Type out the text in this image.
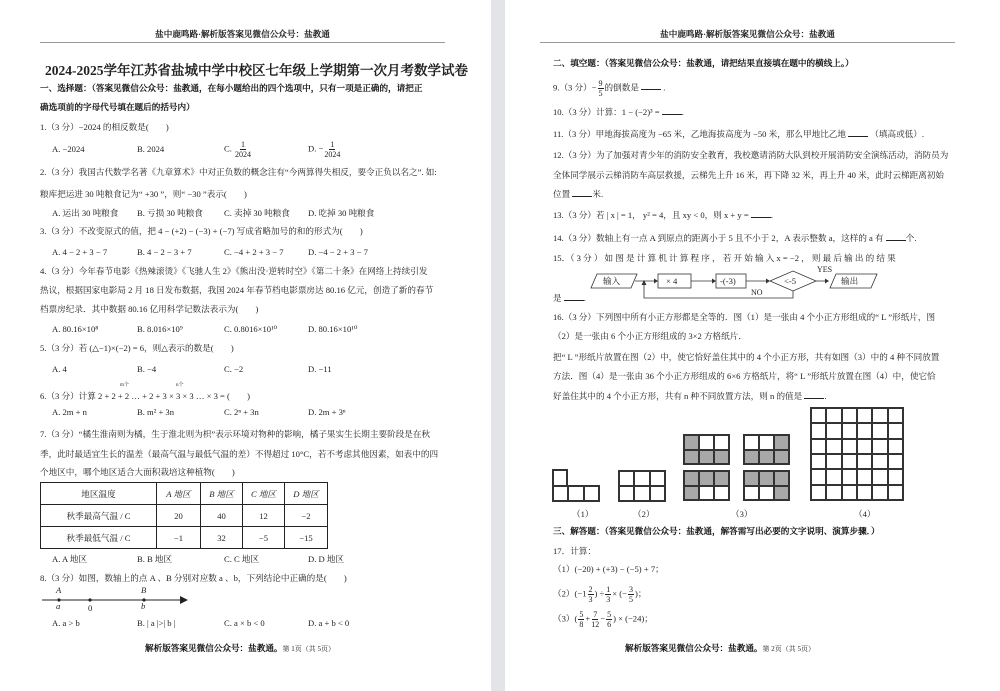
盐中鹿鸣路·解析版答案见微信公众号：盐教通
2024-2025学年江苏省盐城中学中校区七年级上学期第一次月考数学试卷
一、选择题：（答案见微信公众号：盐教通，在每小题给出的四个选项中，只有一项是正确的，请把正
确选项前的字母代号填在题后的括号内）
1.（3 分）−2024 的相反数是(　　)
A. −2024	B. 2024	C. $\frac{1}{2024}$	D. − $\frac{1}{2024}$
2.（3 分）我国古代数学名著《九章算术》中对正负数的概念注有“今两算得失相反，要令正负以名之”. 如:
粮库把运进 30 吨粮食记为“ +30 ”，则“ −30 ”表示(　　)
A. 运出 30 吨粮食 B. 亏损 30 吨粮食 C. 卖掉 30 吨粮食 D. 吃掉 30 吨粮食
3.（3 分）不改变原式的值，把 4 − (+2) − (−3) + (−7) 写成省略加号的和的形式为(　　)
A. 4 − 2 + 3 − 7	B. 4 − 2 − 3 + 7	C. −4 + 2 + 3 − 7	D. −4 − 2 + 3 − 7
4.（3 分）今年春节电影《热辣滚烫》《飞驰人生 2》《熊出没·逆转时空》《第二十条》在网络上持续引发
热议，根据国家电影局 2 月 18 日发布数据，我国 2024 年春节档电影票房达 80.16 亿元，创造了新的春节
档票房纪录．其中数据 80.16 亿用科学记数法表示为(　　)
A. 80.16×10⁸	B. 8.016×10⁹	C. 0.8016×10¹⁰	D. 80.16×10¹⁰
5.（3 分）若 (△−1)×(−2) = 6，则△表示的数是(　　)
A. 4	B. −4	C. −2	D. −11
m个	n个
6.（3 分）计算 2 + 2 + 2 … + 2 + 3 × 3 × 3 … × 3 = (　　)
A. 2m + n	B. m² + 3n	C. 2ⁿ + 3n	D. 2m + 3ⁿ
7.（3 分）“橘生淮南则为橘，生于淮北则为枳”表示环境对物种的影响，橘子果实生长期主要阶段是在秋
季，此时最适宜生长的温差（最高气温与最低气温的差）不得超过 10°C，若不考虑其他因素，如表中的四
个地区中，哪个地区适合大面积栽培这种植物(　　)
地区温度	A 地区	B 地区	C 地区	D 地区
秋季最高气温 / C	20	40	12	−2
秋季最低气温 / C	−1	32	−5	−15
A. A 地区	B. B 地区	C. C 地区	D. D 地区
8.（3 分）如图，数轴上的点 A 、B 分别对应数 a 、b，下列结论中正确的是(　　)
A
a	0
B
b
A. a > b	B. | a |>| b |	C. a × b < 0	D. a + b < 0
解析版答案见微信公众号：盐教通。第 1页（共 5页）
盐中鹿鸣路·解析版答案见微信公众号：盐教通
二、填空题：（答案见微信公众号：盐教通，请把结果直接填在题中的横线上。）
9.（3 分）− $\frac{9}{5}$ 的倒数是	.
10.（3 分）计算：1 − (−2)³ =	.
11.（3 分）甲地海拔高度为 −65 米，乙地海拔高度为 −50 米，那么甲地比乙地	（填高或低）.
12.（3 分）为了加强对青少年的消防安全教育，我校邀请消防大队到校开展消防安全演练活动，消防员为
全体同学展示云梯消防车高层救援，云梯先上升 16 米，再下降 32 米，再上升 40 米，此时云梯距离初始
位置	米.
13.（3 分）若 | x | = 1， y² = 4，且 xy < 0，则 x + y =	.
14.（3 分）数轴上有一点 A 到原点的距离小于 5 且不小于 2，A 表示整数 a，这样的 a 有	个.
15．（ 3 分 ） 如 图 是 计 算 机 计 算 程 序 ， 若 开 始 输 入 x = −2 ， 则 最 后 输 出 的 结 果
是	.
输入	× 4	-(-3)	<-5
YES
NO
输出
16.（3 分）下列图中所有小正方形都是全等的．图（1）是一张由 4 个小正方形组成的“ L ”形纸片，图
（2）是一张由 6 个小正方形组成的 3×2 方格纸片．
把“ L ”形纸片放置在图（2）中，使它恰好盖住其中的 4 个小正方形，共有如图（3）中的 4 种不同放置
方法．图（4）是一张由 36 个小正方形组成的 6×6 方格纸片，将“ L ”形纸片放置在图（4）中，使它恰
好盖住其中的 4 个小正方形，共有 n 种不同放置方法，则 n 的值是	.
（1）	（2）	（3）	（4）
三、解答题：（答案见微信公众号：盐教通，解答需写出必要的文字说明、演算步骤．）
17．计算：
（1）(−20) + (+3) − (−5) + 7；
$(2)(-1 \frac{2}{3}$ ) ÷ $\frac{1}{3}$ × (− $\frac{3}{5}$ )；
$(3)( \frac{5}{8} + \frac{7}{12} - \frac{5}{6}$ ) × (−24)；
解析版答案见微信公众号：盐教通。第 2页（共 5页）
